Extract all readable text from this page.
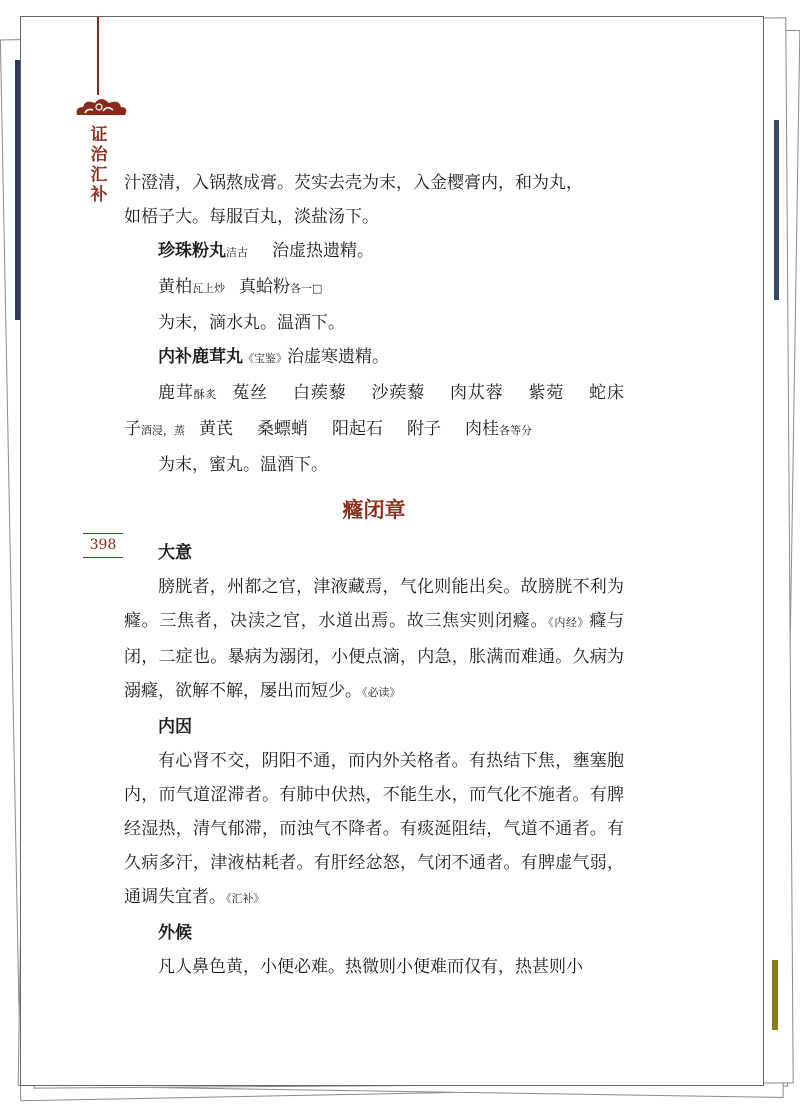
证治汇补
398

汁澄清，入锅熬成膏。芡实去壳为末，入金樱膏内，和为丸，

如梧子大。每服百丸，淡盐汤下。

珍珠粉丸洁古 治虚热遗精。

黄柏瓦上炒 真蛤粉各一□

为末，滴水丸。温酒下。

内补鹿茸丸《宝鉴》治虚寒遗精。

鹿茸酥炙 菟丝 白蒺藜 沙蒺藜 肉苁蓉 紫菀 蛇床

子酒浸，蒸 黄芪 桑螵蛸 阳起石 附子 肉桂各等分

为末，蜜丸。温酒下。

癃闭章

大意

膀胱者，州都之官，津液藏焉，气化则能出矣。故膀胱不利为癃。三焦者，决渎之官，水道出焉。故三焦实则闭癃。《内经》癃与闭，二症也。暴病为溺闭，小便点滴，内急，胀满而难通。久病为溺癃，欲解不解，屡出而短少。《必读》

内因

有心肾不交，阴阳不通，而内外关格者。有热结下焦，壅塞胞内，而气道涩滞者。有肺中伏热，不能生水，而气化不施者。有脾经湿热，清气郁滞，而浊气不降者。有痰涎阻结，气道不通者。有久病多汗，津液枯耗者。有肝经忿怒，气闭不通者。有脾虚气弱，通调失宜者。《汇补》

外候

凡人鼻色黄，小便必难。热微则小便难而仅有，热甚则小
